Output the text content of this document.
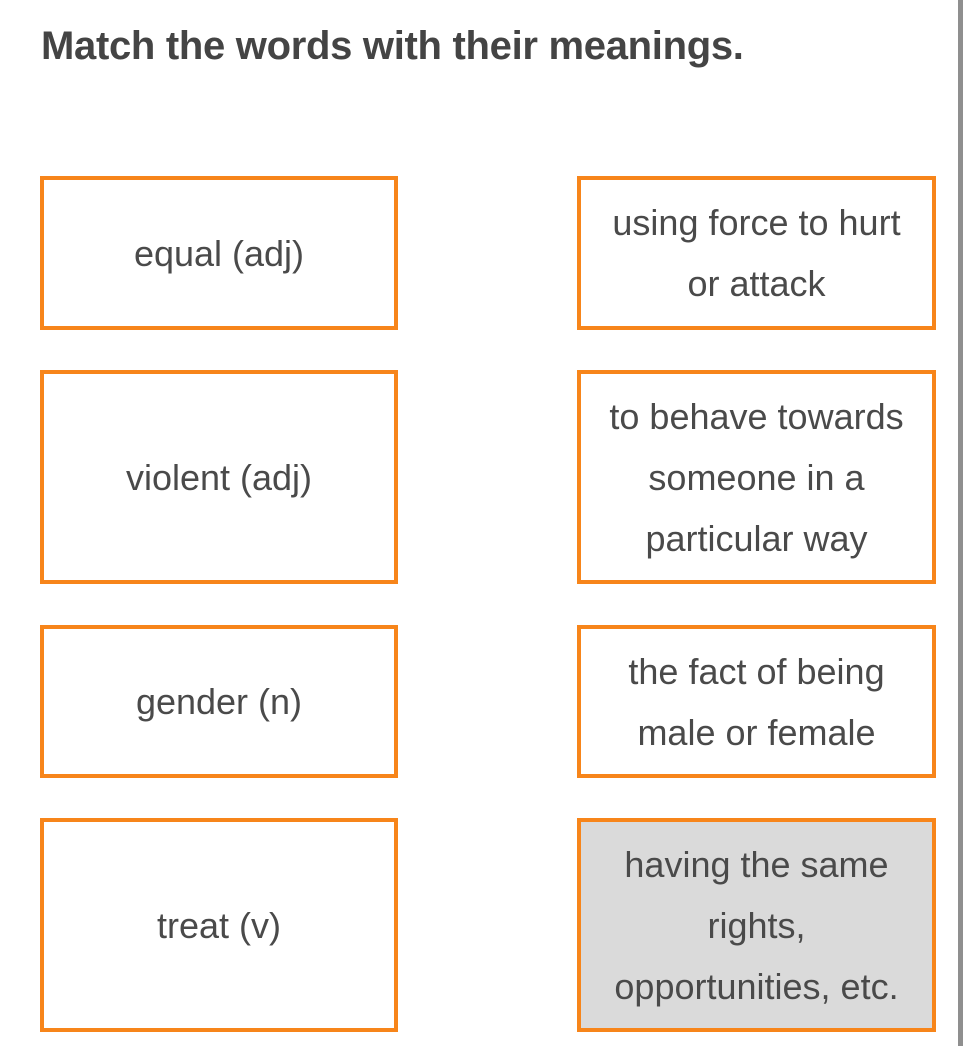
Match the words with their meanings.
equal (adj)
violent (adj)
gender (n)
treat (v)
using force to hurt or attack
to behave towards someone in a particular way
the fact of being male or female
having the same rights, opportunities, etc.
